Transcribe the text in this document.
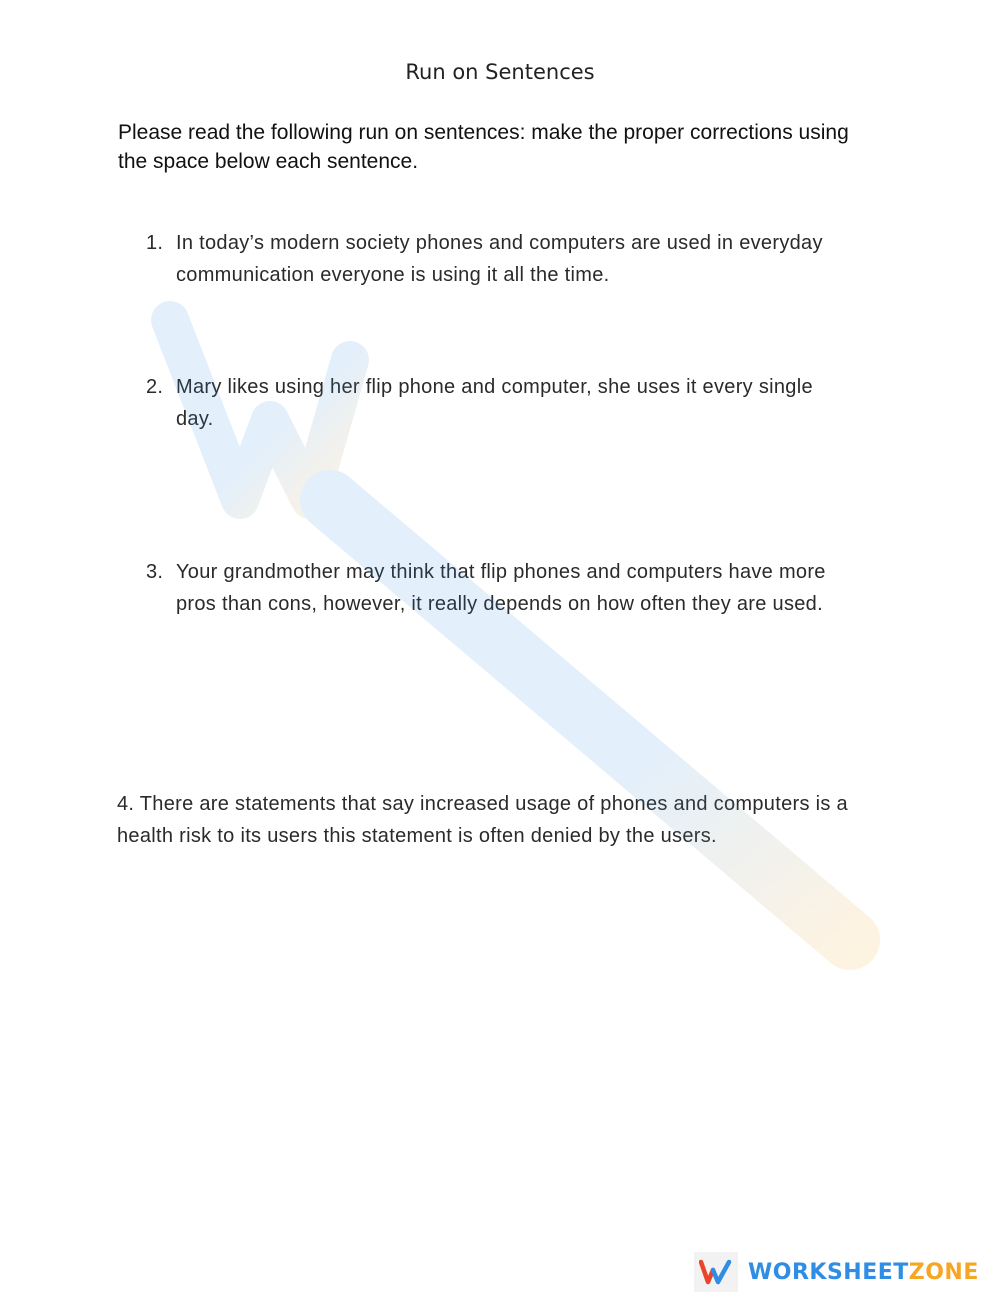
Run on Sentences
Please read the following run on sentences: make the proper corrections using the space below each sentence.
1. In today’s modern society phones and computers are used in everyday communication everyone is using it all the time.
2. Mary likes using her flip phone and computer, she uses it every single day.
3. Your grandmother may think that flip phones and computers have more pros than cons, however, it really depends on how often they are used.
4. There are statements that say increased usage of phones and computers is a health risk to its users this statement is often denied by the users.
WORKSHEETZONE
